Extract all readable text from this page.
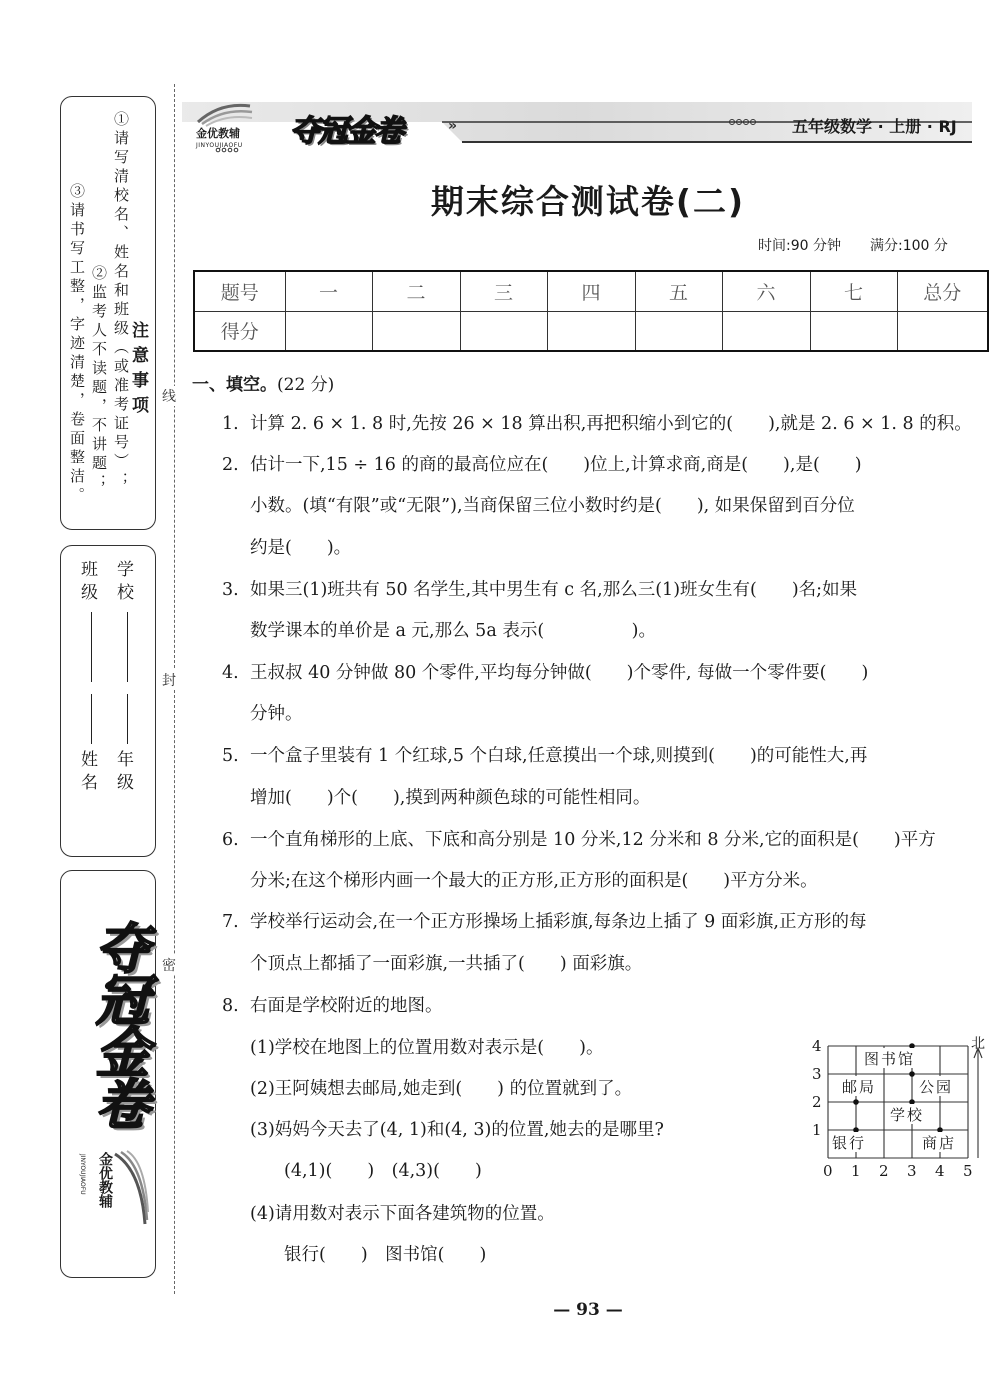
注意事项
①请写清校名、姓名和班级（或准考证号）；
②监考人不读题，不讲题；
③请书写工整，字迹清楚，卷面整洁。
学校年级
班级姓名
线
封
密
夺冠金卷
金优教辅
JINYOUJIAOFU
金优教辅
JINYOUJIAOFU 夺冠金卷	»	五年级数学 · 上册 · RJ
期末综合测试卷(二)
时间:90 分钟 满分:100 分
题号	一	二	三	四	五	六	七	总分
得分								
一、填空。(22 分)
1. 计算 2. 6 × 1. 8 时,先按 26 × 18 算出积,再把积缩小到它的(　　),就是 2. 6 × 1. 8 的积。
2. 估计一下,15 ÷ 16 的商的最高位应在(　　)位上,计算求商,商是(　　),是(　　)
小数。(填“有限”或“无限”),当商保留三位小数时约是(　　), 如果保留到百分位
约是(　　)。
3. 如果三(1)班共有 50 名学生,其中男生有 c 名,那么三(1)班女生有(　　)名;如果
数学课本的单价是 a 元,那么 5a 表示(　　　　　)。
4. 王叔叔 40 分钟做 80 个零件,平均每分钟做(　　)个零件, 每做一个零件要(　　)
分钟。
5. 一个盒子里装有 1 个红球,5 个白球,任意摸出一个球,则摸到(　　)的可能性大,再
增加(　　)个(　　),摸到两种颜色球的可能性相同。
6. 一个直角梯形的上底、下底和高分别是 10 分米,12 分米和 8 分米,它的面积是(　　)平方
分米;在这个梯形内画一个最大的正方形,正方形的面积是(　　)平方分米。
7. 学校举行运动会,在一个正方形操场上插彩旗,每条边上插了 9 面彩旗,正方形的每
个顶点上都插了一面彩旗,一共插了(　　) 面彩旗。
8. 右面是学校附近的地图。
(1)学校在地图上的位置用数对表示是(　　)。
(2)王阿姨想去邮局,她走到(　　) 的位置就到了。
(3)妈妈今天去了(4, 1)和(4, 3)的位置,她去的是哪里?
(4,1)(　　)　(4,3)(　　)
(4)请用数对表示下面各建筑物的位置。
银行(　　)　图书馆(　　)
北
0 1 2 3 4 5
1
2
3
4
图书馆
邮局	公园
学校
银行	商店
— 93 —
